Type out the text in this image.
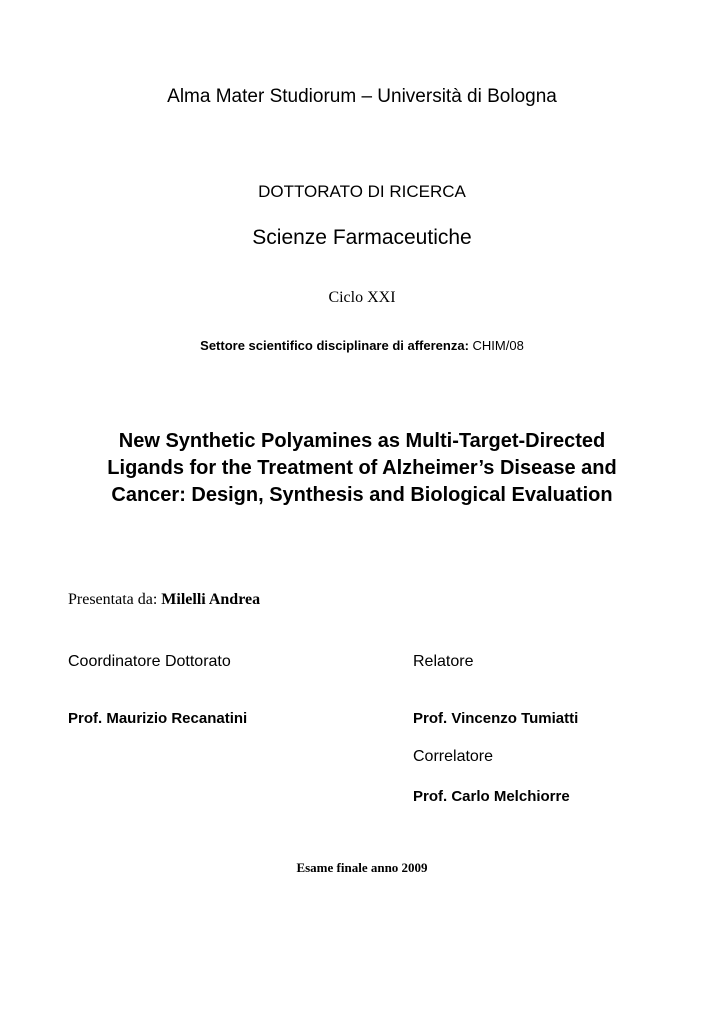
Alma Mater Studiorum – Università di Bologna

DOTTORATO DI RICERCA

Scienze Farmaceutiche

Ciclo XXI

Settore scientifico disciplinare di afferenza: CHIM/08

New Synthetic Polyamines as Multi-Target-Directed
Ligands for the Treatment of Alzheimer’s Disease and
Cancer: Design, Synthesis and Biological Evaluation

Presentata da: Milelli Andrea

Coordinatore Dottorato

Prof. Maurizio Recanatini

Relatore

Prof. Vincenzo Tumiatti

Correlatore

Prof. Carlo Melchiorre

Esame finale anno 2009
